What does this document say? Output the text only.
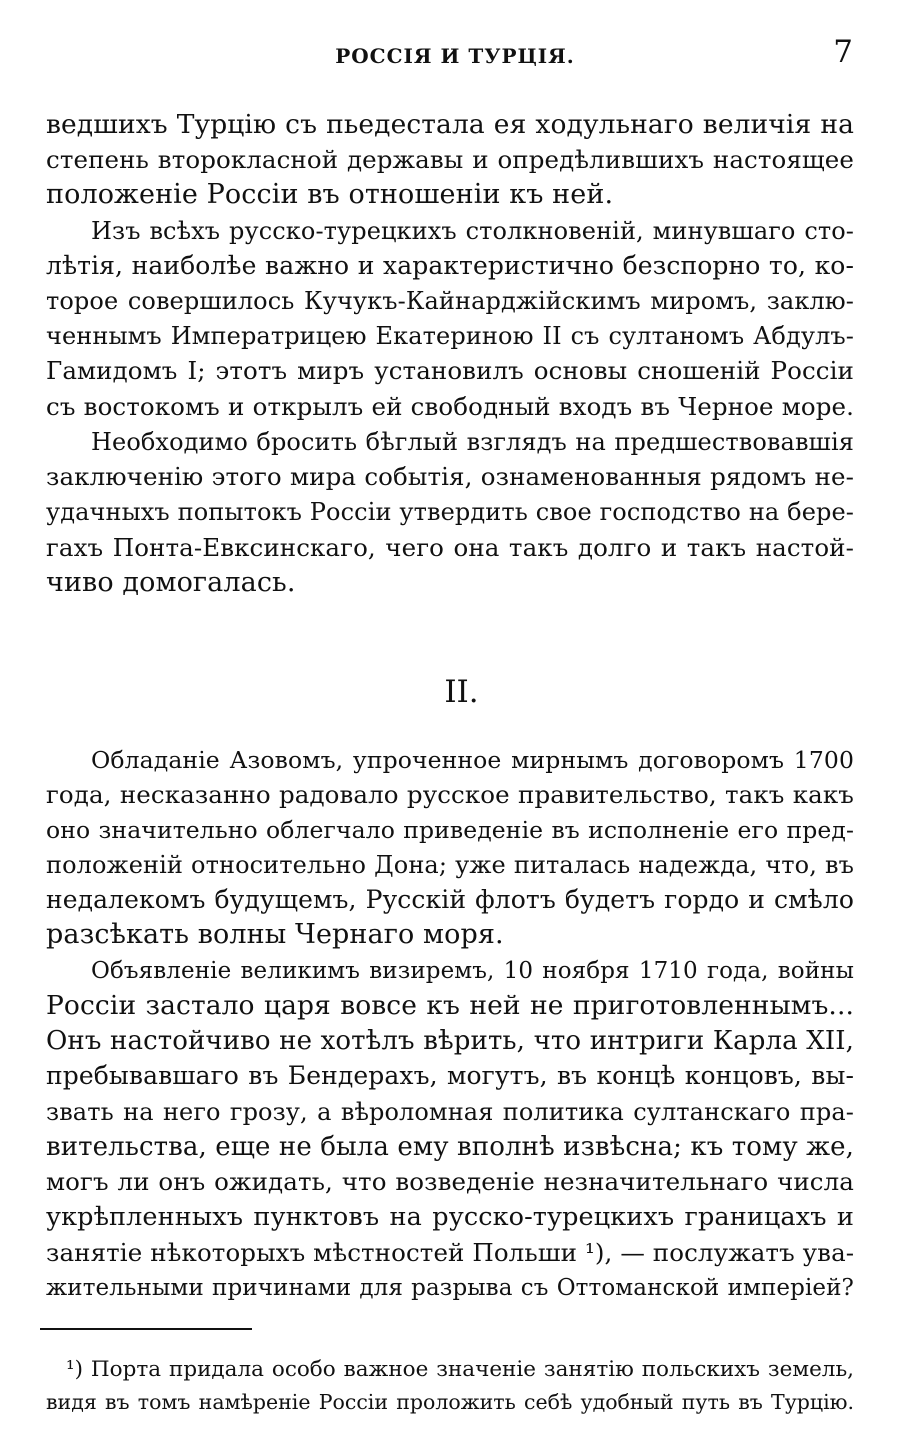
РОССІЯ И ТУРЦІЯ.	7
ведшихъ Турцію съ пьедестала ея ходульнаго величія на
степень второкласной державы и опредѣлившихъ настоящее
положеніе Россіи въ отношеніи къ ней.
Изъ всѣхъ русско-турецкихъ столкновеній, минувшаго сто-
лѣтія, наиболѣе важно и характеристично безспорно то, ко-
торое совершилось Кучукъ-Кайнарджійскимъ миромъ, заклю-
ченнымъ Императрицею Екатериною II съ султаномъ Абдулъ-
Гамидомъ I; этотъ миръ установилъ основы сношеній Россіи
съ востокомъ и открылъ ей свободный входъ въ Черное море.
Необходимо бросить бѣглый взглядъ на предшествовавшія
заключенію этого мира событія, ознаменованныя рядомъ не-
удачныхъ попытокъ Россіи утвердить свое господство на бере-
гахъ Понта-Евксинскаго, чего она такъ долго и такъ настой-
чиво домогалась.
II.
Обладаніе Азовомъ, упроченное мирнымъ договоромъ 1700
года, несказанно радовало русское правительство, такъ какъ
оно значительно облегчало приведеніе въ исполненіе его пред-
положеній относительно Дона; уже питалась надежда, что, въ
недалекомъ будущемъ, Русскій флотъ будетъ гордо и смѣло
разсѣкать волны Чернаго моря.
Объявленіе великимъ визиремъ, 10 ноября 1710 года, войны
Россіи застало царя вовсе къ ней не приготовленнымъ...
Онъ настойчиво не хотѣлъ вѣрить, что интриги Карла XII,
пребывавшаго въ Бендерахъ, могутъ, въ концѣ концовъ, вы-
звать на него грозу, а вѣроломная политика султанскаго пра-
вительства, еще не была ему вполнѣ извѣсна; къ тому же,
могъ ли онъ ожидать, что возведеніе незначительнаго числа
укрѣпленныхъ пунктовъ на русско-турецкихъ границахъ и
занятіе нѣкоторыхъ мѣстностей Польши ¹), — послужатъ ува-
жительными причинами для разрыва съ Оттоманской имперіей?
¹) Порта придала особо важное значеніе занятію польскихъ земель,
видя въ томъ намѣреніе Россіи проложить себѣ удобный путь въ Турцію.
